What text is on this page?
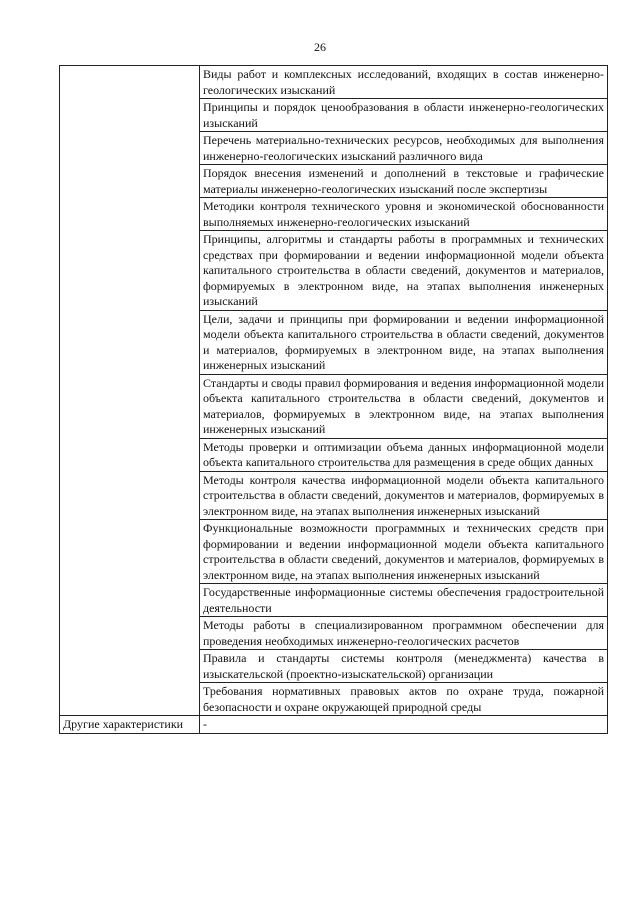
26

	Виды работ и комплексных исследований, входящих в состав инженерно-геологических изысканий

	Принципы и порядок ценообразования в области инженерно-геологических изысканий

	Перечень материально-технических ресурсов, необходимых для выполнения инженерно-геологических изысканий различного вида

	Порядок внесения изменений и дополнений в текстовые и графические материалы инженерно-геологических изысканий после экспертизы

	Методики контроля технического уровня и экономической обоснованности выполняемых инженерно-геологических изысканий

	Принципы, алгоритмы и стандарты работы в программных и технических средствах при формировании и ведении информационной модели объекта капитального строительства в области сведений, документов и материалов, формируемых в электронном виде, на этапах выполнения инженерных изысканий

	Цели, задачи и принципы при формировании и ведении информационной модели объекта капитального строительства в области сведений, документов и материалов, формируемых в электронном виде, на этапах выполнения инженерных изысканий

	Стандарты и своды правил формирования и ведения информационной модели объекта капитального строительства в области сведений, документов и материалов, формируемых в электронном виде, на этапах выполнения инженерных изысканий

	Методы проверки и оптимизации объема данных информационной модели объекта капитального строительства для размещения в среде общих данных

	Методы контроля качества информационной модели объекта капитального строительства в области сведений, документов и материалов, формируемых в электронном виде, на этапах выполнения инженерных изысканий

	Функциональные возможности программных и технических средств при формировании и ведении информационной модели объекта капитального строительства в области сведений, документов и материалов, формируемых в электронном виде, на этапах выполнения инженерных изысканий

	Государственные информационные системы обеспечения градостроительной деятельности

	Методы работы в специализированном программном обеспечении для проведения необходимых инженерно-геологических расчетов

	Правила и стандарты системы контроля (менеджмента) качества в изыскательской (проектно-изыскательской) организации

	Требования нормативных правовых актов по охране труда, пожарной безопасности и охране окружающей природной среды

Другие характеристики	-
